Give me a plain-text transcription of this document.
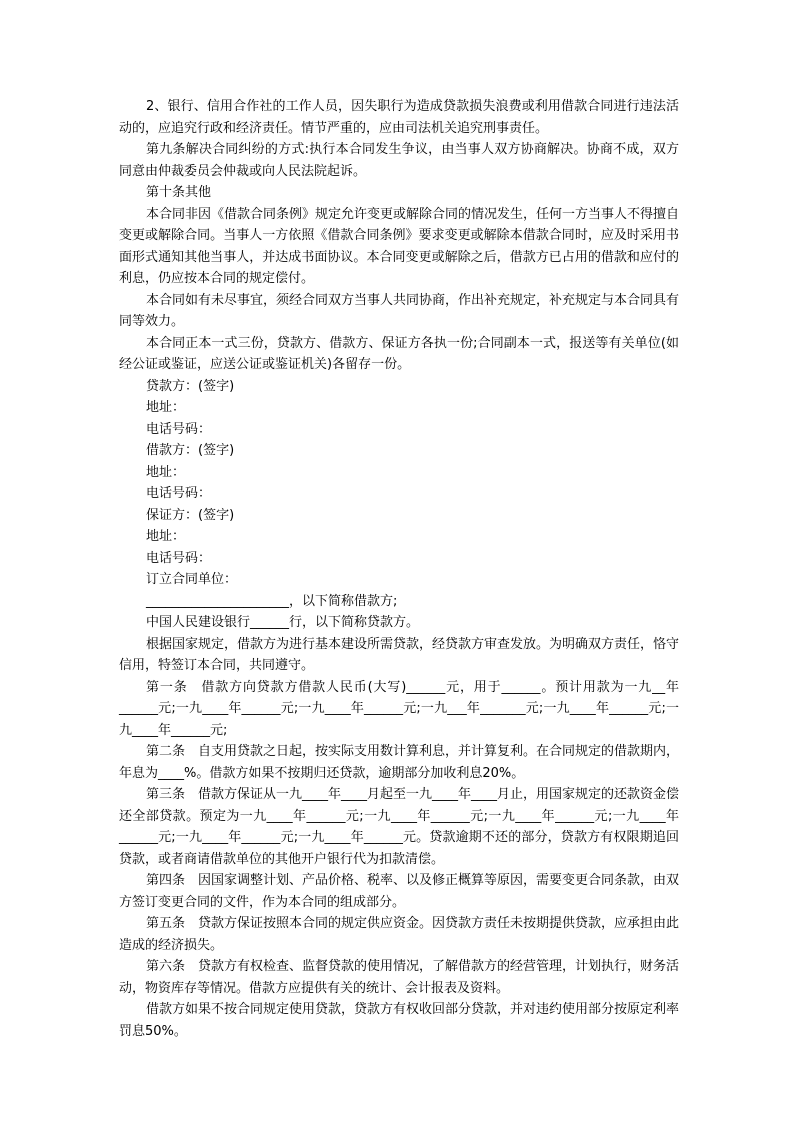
2、银行、信用合作社的工作人员，因失职行为造成贷款损失浪费或利用借款合同进行违法活动的，应追究行政和经济责任。情节严重的，应由司法机关追究刑事责任。

第九条解决合同纠纷的方式:执行本合同发生争议，由当事人双方协商解决。协商不成，双方同意由仲裁委员会仲裁或向人民法院起诉。

第十条其他

本合同非因《借款合同条例》规定允许变更或解除合同的情况发生，任何一方当事人不得擅自变更或解除合同。当事人一方依照《借款合同条例》要求变更或解除本借款合同时，应及时采用书面形式通知其他当事人，并达成书面协议。本合同变更或解除之后，借款方已占用的借款和应付的利息，仍应按本合同的规定偿付。

本合同如有未尽事宜，须经合同双方当事人共同协商，作出补充规定，补充规定与本合同具有同等效力。

本合同正本一式三份，贷款方、借款方、保证方各执一份;合同副本一式，报送等有关单位(如经公证或鉴证，应送公证或鉴证机关)各留存一份。

贷款方：(签字)

地址：

电话号码：

借款方：(签字)

地址：

电话号码：

保证方：(签字)

地址：

电话号码：

订立合同单位：

______________________，以下简称借款方;

中国人民建设银行______行，以下简称贷款方。

根据国家规定，借款方为进行基本建设所需贷款，经贷款方审查发放。为明确双方责任，恪守信用，特签订本合同，共同遵守。

第一条　借款方向贷款方借款人民币(大写)______元，用于______。预计用款为一九__年______元;一九____年______元;一九____年______元;一九___年_______元;一九____年______元;一九____年______元;

第二条　自支用贷款之日起，按实际支用数计算利息，并计算复利。在合同规定的借款期内，年息为____%。借款方如果不按期归还贷款，逾期部分加收利息20%。

第三条　借款方保证从一九____年____月起至一九____年____月止，用国家规定的还款资金偿还全部贷款。预定为一九____年______元;一九____年______元;一九____年______元;一九____年______元;一九____年______元;一九____年______元。贷款逾期不还的部分，贷款方有权限期追回贷款，或者商请借款单位的其他开户银行代为扣款清偿。

第四条　因国家调整计划、产品价格、税率、以及修正概算等原因，需要变更合同条款，由双方签订变更合同的文件，作为本合同的组成部分。

第五条　贷款方保证按照本合同的规定供应资金。因贷款方责任未按期提供贷款，应承担由此造成的经济损失。

第六条　贷款方有权检查、监督贷款的使用情况，了解借款方的经营管理，计划执行，财务活动，物资库存等情况。借款方应提供有关的统计、会计报表及资料。

借款方如果不按合同规定使用贷款，贷款方有权收回部分贷款，并对违约使用部分按原定利率罚息50%。
